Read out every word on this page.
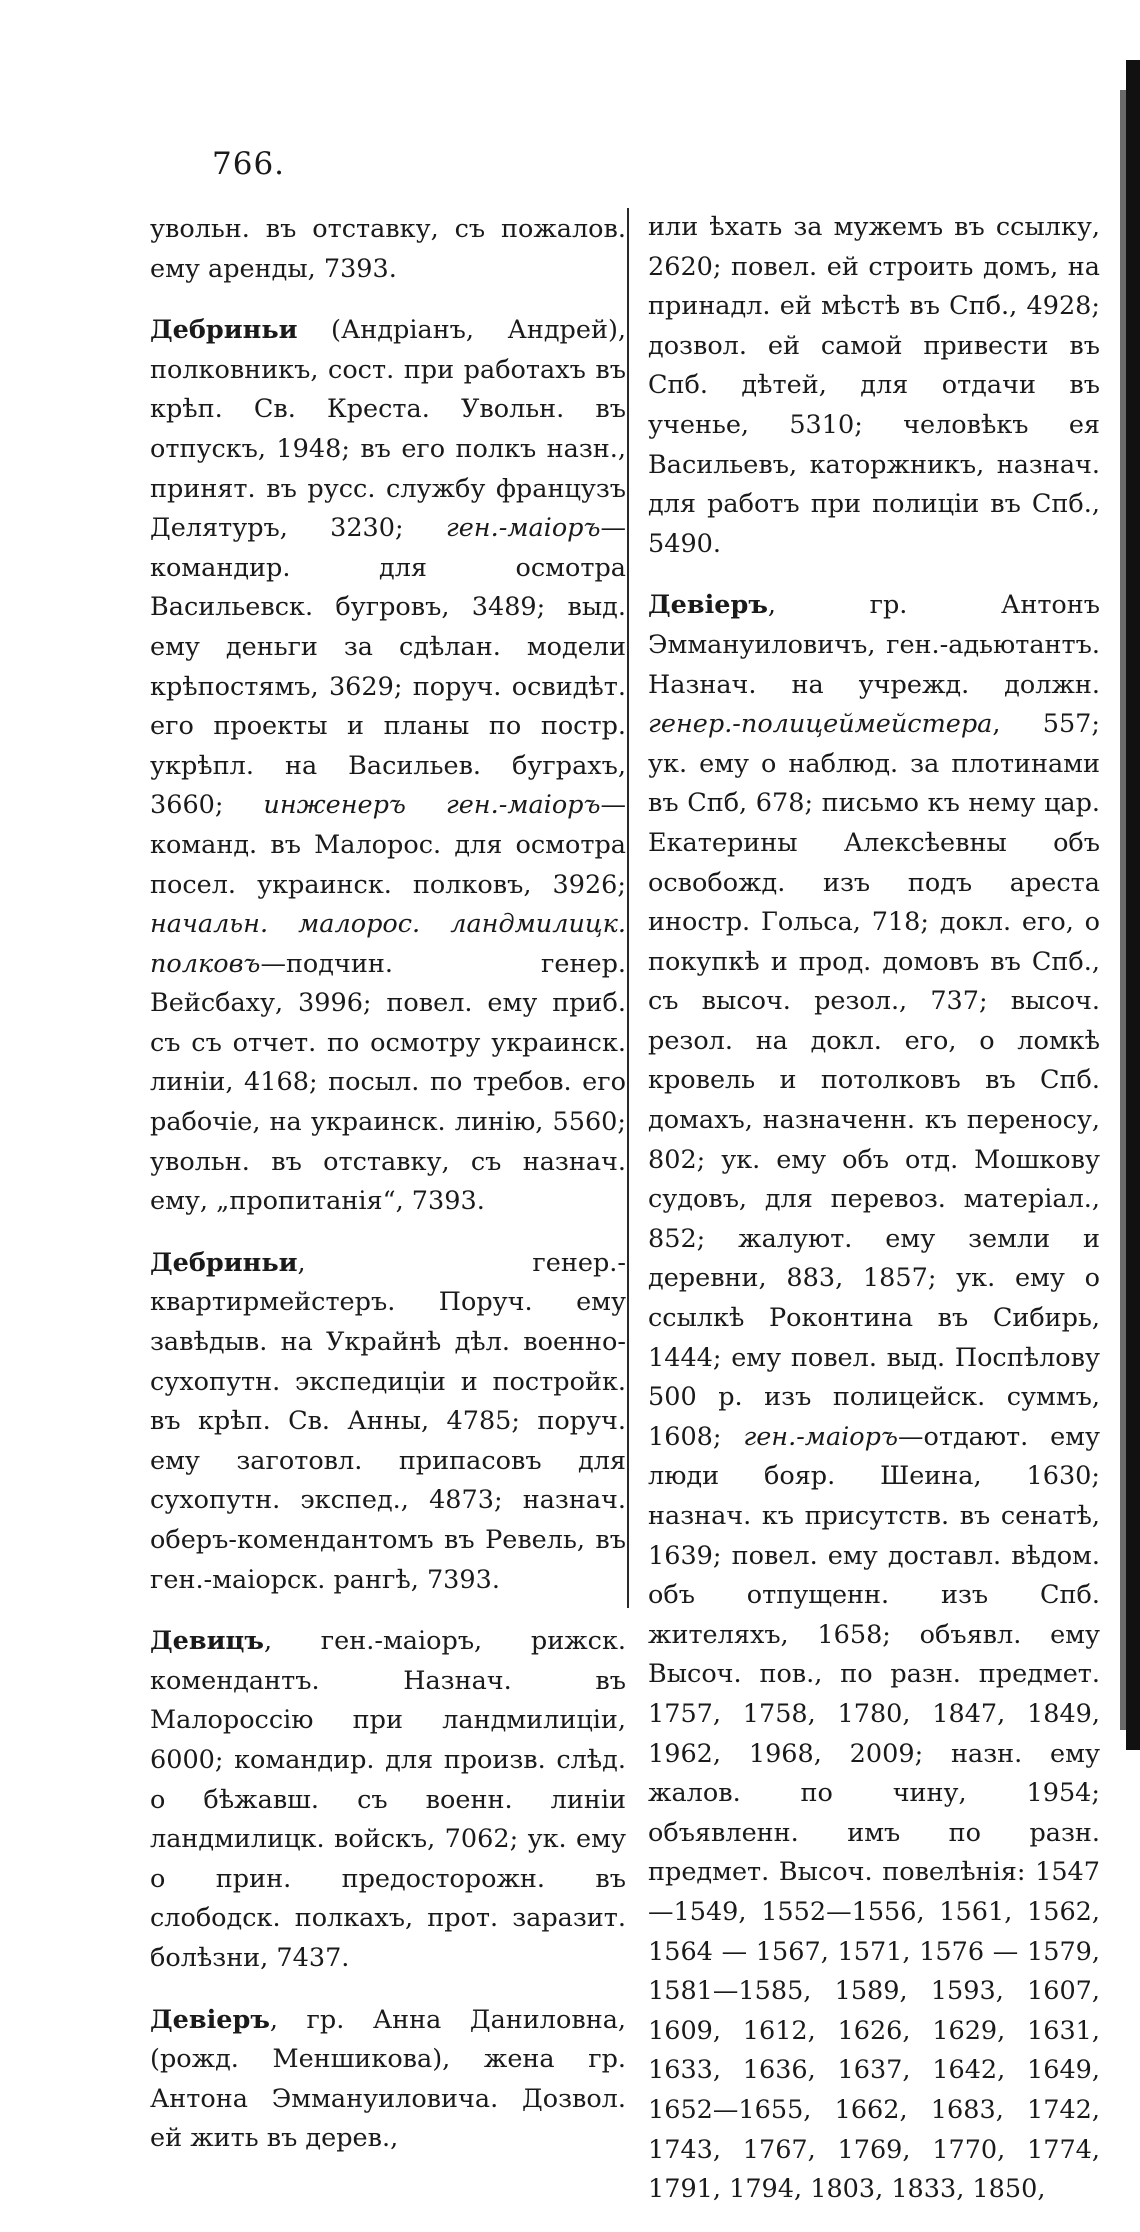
766.

увольн. въ отставку, съ пожалов. ему аренды, 7393.

Дебриньи (Андріанъ, Андрей), полковникъ, сост. при работахъ въ крѣп. Св. Креста. Увольн. въ отпускъ, 1948; въ его полкъ назн., принят. въ русс. службу французъ Делятуръ, 3230; ген.-маіоръ— командир. для осмотра Васильевск. бугровъ, 3489; выд. ему деньги за сдѣлан. модели крѣпостямъ, 3629; поруч. освидѣт. его проекты и планы по постр. укрѣпл. на Васильев. буграхъ, 3660; инженеръ ген.-маіоръ—команд. въ Малорос. для осмотра посел. украинск. полковъ, 3926; начальн. малорос. ландмилицк. полковъ—подчин. генер. Вейсбаху, 3996; повел. ему приб. съ съ отчет. по осмотру украинск. линіи, 4168; посыл. по требов. его рабочіе, на украинск. линію, 5560; увольн. въ отставку, съ назнач. ему, „пропитанія“, 7393.

Дебриньи, генер.-квартирмейстеръ. Поруч. ему завѣдыв. на Украйнѣ дѣл. военно-сухопутн. экспедиціи и постройк. въ крѣп. Св. Анны, 4785; поруч. ему заготовл. припасовъ для сухопутн. экспед., 4873; назнач. оберъ-комендантомъ въ Ревель, въ ген.-маіорск. рангѣ, 7393.

Девицъ, ген.-маіоръ, рижск. комендантъ. Назнач. въ Малороссію при ландмилиціи, 6000; командир. для произв. слѣд. о бѣжавш. съ военн. линіи ландмилицк. войскъ, 7062; ук. ему о прин. предосторожн. въ слободск. полкахъ, прот. заразит. болѣзни, 7437.

Девіеръ, гр. Анна Даниловна, (рожд. Меншикова), жена гр. Антона Эммануиловича. Дозвол. ей жить въ дерев.,

или ѣхать за мужемъ въ ссылку, 2620; повел. ей строить домъ, на принадл. ей мѣстѣ въ Спб., 4928; дозвол. ей самой привести въ Спб. дѣтей, для отдачи въ ученье, 5310; человѣкъ ея Васильевъ, каторжникъ, назнач. для работъ при полиціи въ Спб., 5490.

Девіеръ, гр. Антонъ Эммануиловичъ, ген.-адьютантъ. Назнач. на учрежд. должн. генер.-полицеймейстера, 557; ук. ему о наблюд. за плотинами въ Спб, 678; письмо къ нему цар. Екатерины Алексѣевны объ освобожд. изъ подъ ареста иностр. Гольса, 718; докл. его, о покупкѣ и прод. домовъ въ Спб., съ высоч. резол., 737; высоч. резол. на докл. его, о ломкѣ кровель и потолковъ въ Спб. домахъ, назначенн. къ переносу, 802; ук. ему объ отд. Мошкову судовъ, для перевоз. матеріал., 852; жалуют. ему земли и деревни, 883, 1857; ук. ему о ссылкѣ Роконтина въ Сибирь, 1444; ему повел. выд. Поспѣлову 500 р. изъ полицейск. суммъ, 1608; ген.-маіоръ—отдают. ему люди бояр. Шеина, 1630; назнач. къ присутств. въ сенатѣ, 1639; повел. ему доставл. вѣдом. объ отпущенн. изъ Спб. жителяхъ, 1658; объявл. ему Высоч. пов., по разн. предмет. 1757, 1758, 1780, 1847, 1849, 1962, 1968, 2009; назн. ему жалов. по чину, 1954; объявленн. имъ по разн. предмет. Высоч. повелѣнія: 1547—1549, 1552—1556, 1561, 1562, 1564 — 1567, 1571, 1576 — 1579, 1581—1585, 1589, 1593, 1607, 1609, 1612, 1626, 1629, 1631, 1633, 1636, 1637, 1642, 1649, 1652—1655, 1662, 1683, 1742, 1743, 1767, 1769, 1770, 1774, 1791, 1794, 1803, 1833, 1850,
